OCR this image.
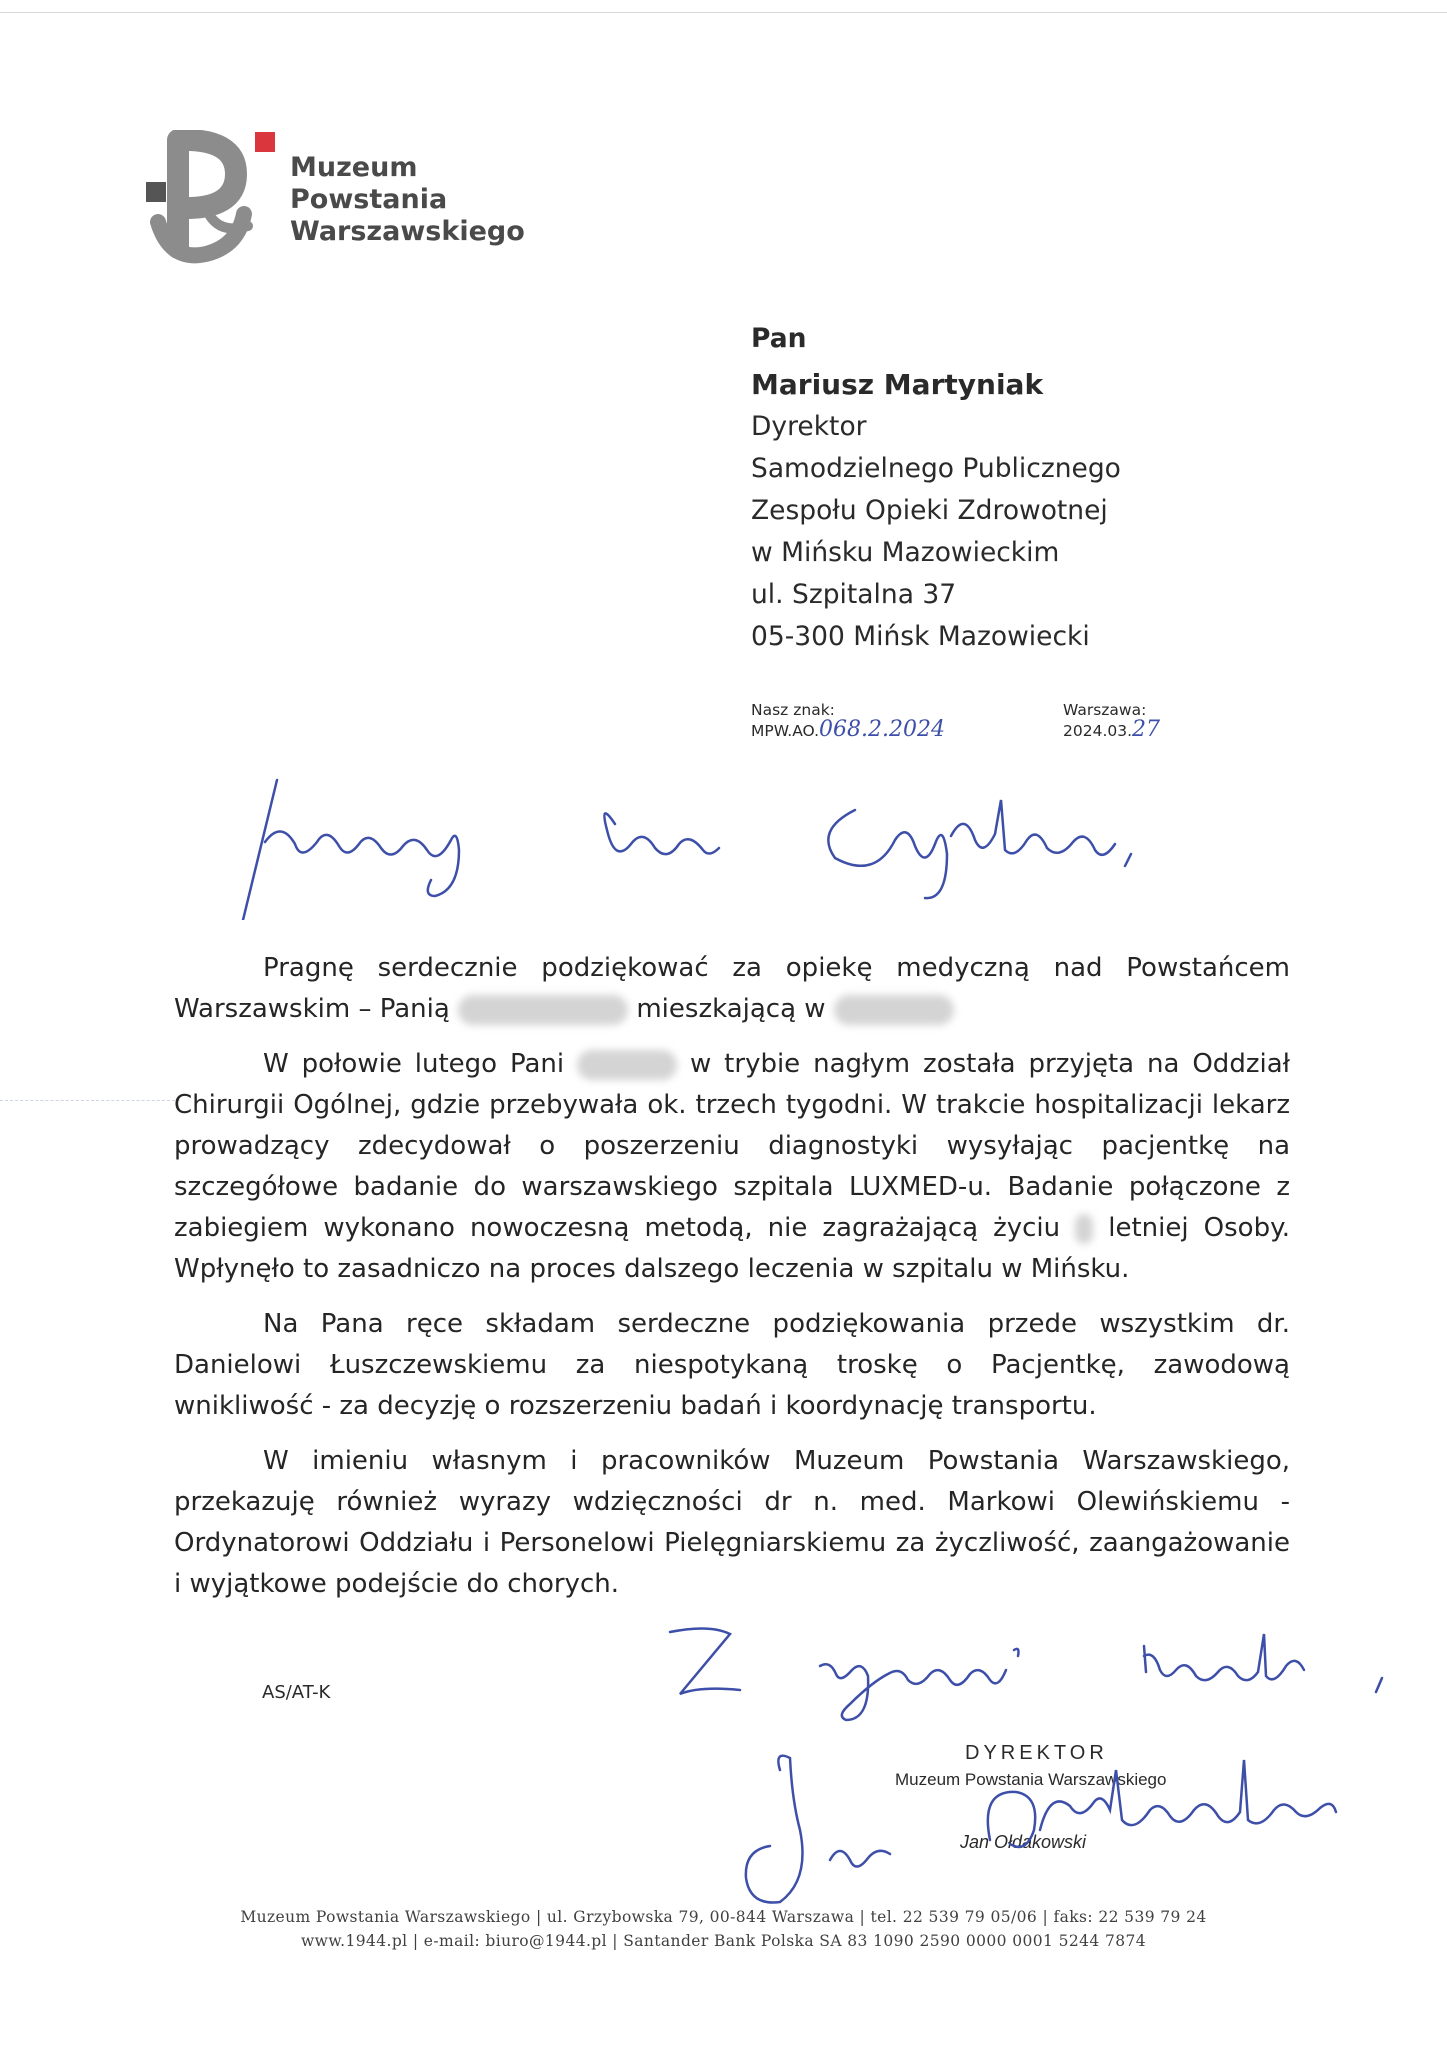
Muzeum
Powstania
Warszawskiego
Pan
Mariusz Martyniak
Dyrektor
Samodzielnego Publicznego
Zespołu Opieki Zdrowotnej
w Mińsku Mazowieckim
ul. Szpitalna 37
05-300 Mińsk Mazowiecki
Nasz znak:
MPW.AO.068.2.2024
Warszawa:
2024.03.27

Pragnę serdecznie podziękować za opiekę medyczną nad Powstańcem Warszawskim – Panią	mieszkającą w

W połowie lutego Pani	w trybie nagłym została przyjęta na Oddział Chirurgii Ogólnej, gdzie przebywała ok. trzech tygodni. W trakcie hospitalizacji lekarz prowadzący zdecydował o poszerzeniu diagnostyki wysyłając pacjentkę na szczegółowe badanie do warszawskiego szpitala LUXMED-u. Badanie połączone z zabiegiem wykonano nowoczesną metodą, nie zagrażającą życiu letniej Osoby. Wpłynęło to zasadniczo na proces dalszego leczenia w szpitalu w Mińsku.

Na Pana ręce składam serdeczne podziękowania przede wszystkim dr. Danielowi Łuszczewskiemu za niespotykaną troskę o Pacjentkę, zawodową wnikliwość - za decyzję o rozszerzeniu badań i koordynację transportu.

W imieniu własnym i pracowników Muzeum Powstania Warszawskiego, przekazuję również wyrazy wdzięczności dr n. med. Markowi Olewińskiemu - Ordynatorowi Oddziału i Personelowi Pielęgniarskiemu za życzliwość, zaangażowanie i wyjątkowe podejście do chorych.

AS/AT-K
DYREKTOR
Muzeum Powstania Warszawskiego
Jan Ołdakowski
Muzeum Powstania Warszawskiego | ul. Grzybowska 79, 00-844 Warszawa | tel. 22 539 79 05/06 | faks: 22 539 79 24
www.1944.pl | e-mail: biuro@1944.pl | Santander Bank Polska SA 83 1090 2590 0000 0001 5244 7874
